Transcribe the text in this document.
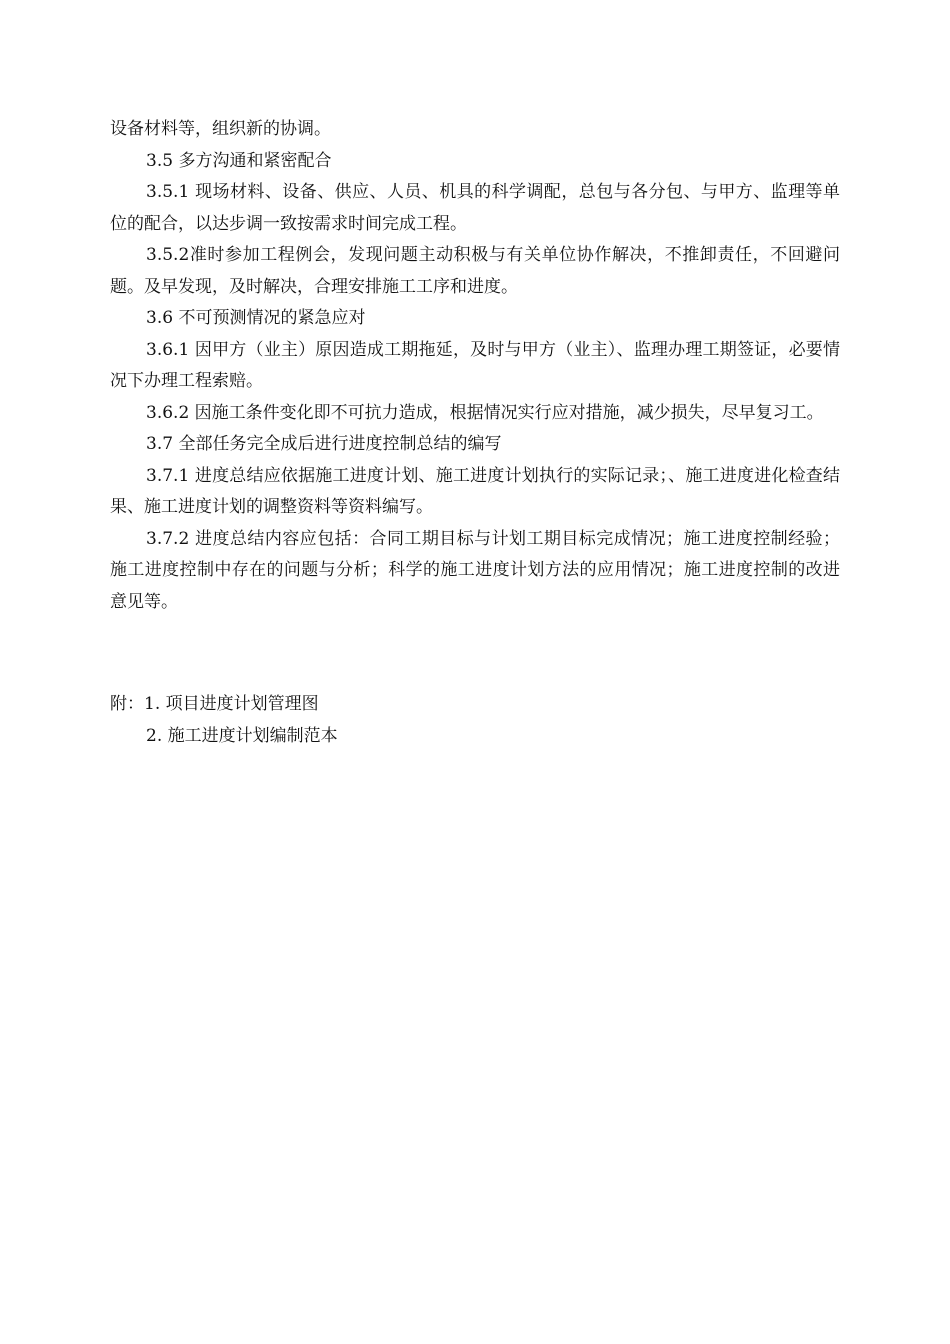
设备材料等，组织新的协调。

3.5 多方沟通和紧密配合

3.5.1 现场材料、设备、供应、人员、机具的科学调配，总包与各分包、与甲方、监理等单位的配合，以达步调一致按需求时间完成工程。

3.5.2准时参加工程例会，发现问题主动积极与有关单位协作解决，不推卸责任，不回避问题。及早发现，及时解决，合理安排施工工序和进度。

3.6 不可预测情况的紧急应对

3.6.1 因甲方（业主）原因造成工期拖延，及时与甲方（业主）、监理办理工期签证，必要情况下办理工程索赔。

3.6.2 因施工条件变化即不可抗力造成，根据情况实行应对措施，减少损失，尽早复习工。

3.7 全部任务完全成后进行进度控制总结的编写

3.7.1 进度总结应依据施工进度计划、施工进度计划执行的实际记录；、施工进度进化检查结果、施工进度计划的调整资料等资料编写。

3.7.2 进度总结内容应包括：合同工期目标与计划工期目标完成情况；施工进度控制经验；施工进度控制中存在的问题与分析；科学的施工进度计划方法的应用情况；施工进度控制的改进意见等。

附：1. 项目进度计划管理图

2. 施工进度计划编制范本
